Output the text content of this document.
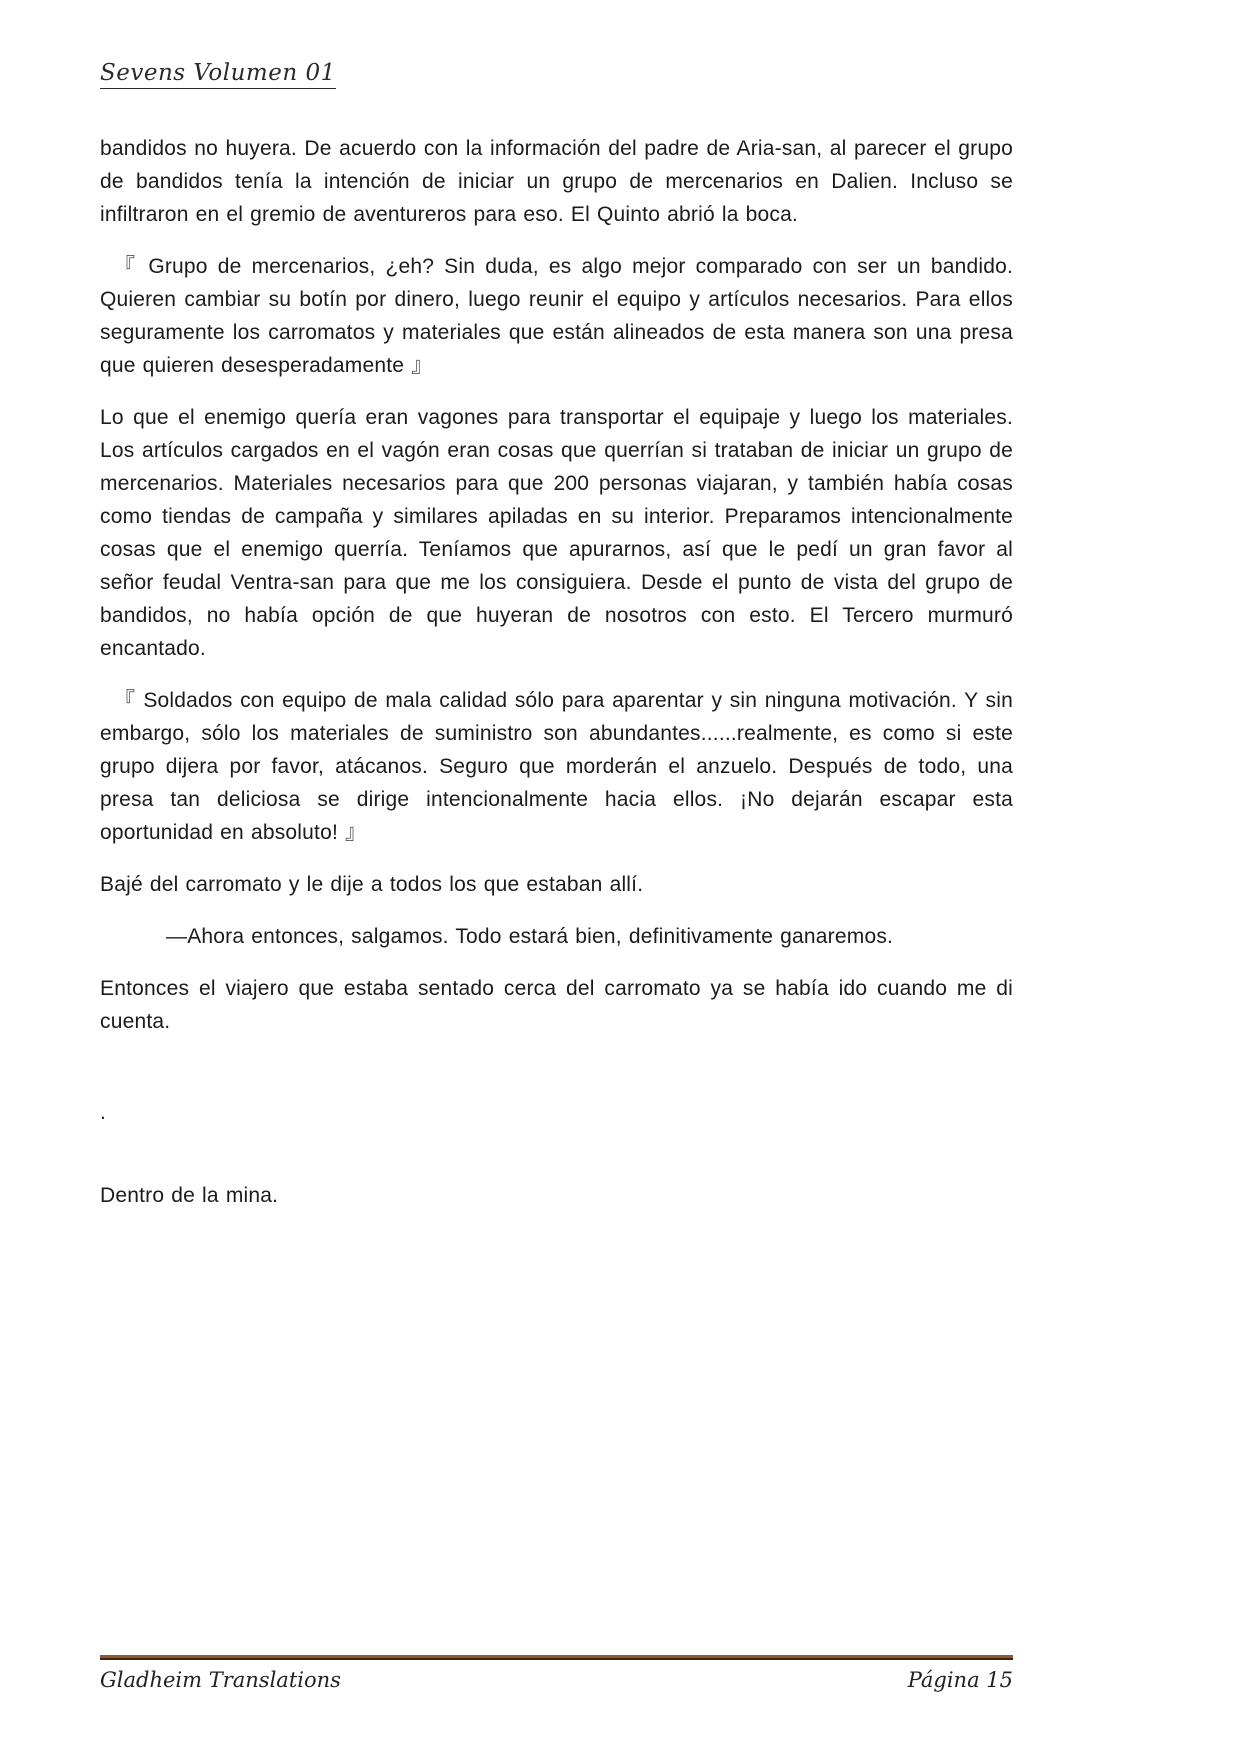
Sevens Volumen 01

bandidos no huyera. De acuerdo con la información del padre de Aria-san, al parecer el grupo de bandidos tenía la intención de iniciar un grupo de mercenarios en Dalien. Incluso se infiltraron en el gremio de aventureros para eso. El Quinto abrió la boca.

『 Grupo de mercenarios, ¿eh? Sin duda, es algo mejor comparado con ser un bandido. Quieren cambiar su botín por dinero, luego reunir el equipo y artículos necesarios. Para ellos seguramente los carromatos y materiales que están alineados de esta manera son una presa que quieren desesperadamente 』

Lo que el enemigo quería eran vagones para transportar el equipaje y luego los materiales. Los artículos cargados en el vagón eran cosas que querrían si trataban de iniciar un grupo de mercenarios. Materiales necesarios para que 200 personas viajaran, y también había cosas como tiendas de campaña y similares apiladas en su interior. Preparamos intencionalmente cosas que el enemigo querría. Teníamos que apurarnos, así que le pedí un gran favor al señor feudal Ventra-san para que me los consiguiera. Desde el punto de vista del grupo de bandidos, no había opción de que huyeran de nosotros con esto. El Tercero murmuró encantado.

『 Soldados con equipo de mala calidad sólo para aparentar y sin ninguna motivación. Y sin embargo, sólo los materiales de suministro son abundantes......realmente, es como si este grupo dijera por favor, atácanos. Seguro que morderán el anzuelo. Después de todo, una presa tan deliciosa se dirige intencionalmente hacia ellos. ¡No dejarán escapar esta oportunidad en absoluto! 』

Bajé del carromato y le dije a todos los que estaban allí.

—Ahora entonces, salgamos. Todo estará bien, definitivamente ganaremos.

Entonces el viajero que estaba sentado cerca del carromato ya se había ido cuando me di cuenta.

.

Dentro de la mina.

Gladheim Translations	Página 15
